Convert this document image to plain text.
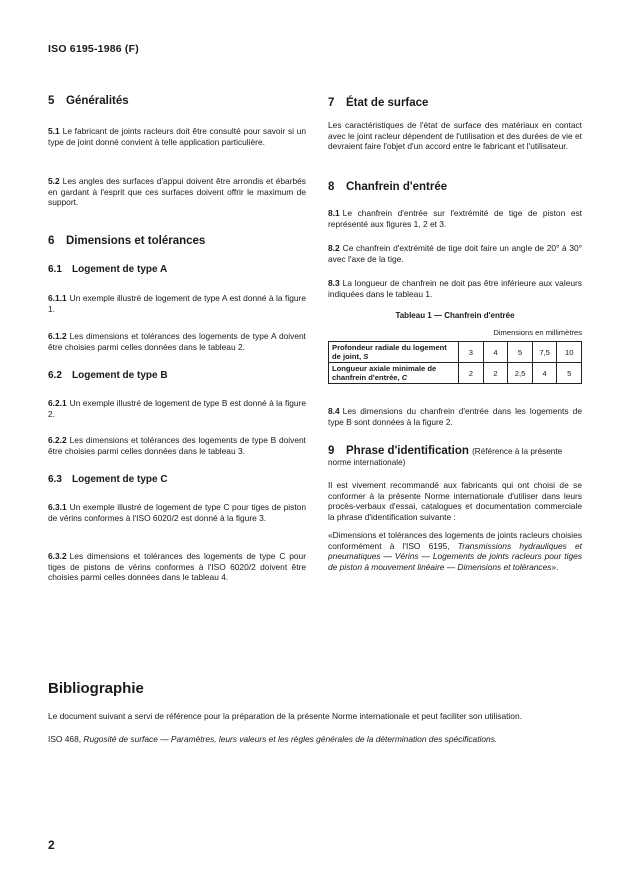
ISO 6195-1986 (F)
5 Généralités

5.1 Le fabricant de joints racleurs doit être consulté pour savoir si un type de joint donné convient à telle application particulière.

5.2 Les angles des surfaces d'appui doivent être arrondis et ébarbés en gardant à l'esprit que ces surfaces doivent offrir le maximum de support.

6 Dimensions et tolérances
6.1 Logement de type A

6.1.1 Un exemple illustré de logement de type A est donné à la figure 1.

6.1.2 Les dimensions et tolérances des logements de type A doivent être choisies parmi celles données dans le tableau 2.

6.2 Logement de type B

6.2.1 Un exemple illustré de logement de type B est donné à la figure 2.

6.2.2 Les dimensions et tolérances des logements de type B doivent être choisies parmi celles données dans le tableau 3.

6.3 Logement de type C

6.3.1 Un exemple illustré de logement de type C pour tiges de piston de vérins conformes à l'ISO 6020/2 est donné à la figure 3.

6.3.2 Les dimensions et tolérances des logements de type C pour tiges de pistons de vérins conformes à l'ISO 6020/2 doivent être choisies parmi celles données dans le tableau 4.

7 État de surface

Les caractéristiques de l'état de surface des matériaux en contact avec le joint racleur dépendent de l'utilisation et des durées de vie et devraient faire l'objet d'un accord entre le fabricant et l'utilisateur.

8 Chanfrein d'entrée

8.1 Le chanfrein d'entrée sur l'extrémité de tige de piston est représenté aux figures 1, 2 et 3.

8.2 Ce chanfrein d'extrémité de tige doit faire un angle de 20° à 30° avec l'axe de la tige.

8.3 La longueur de chanfrein ne doit pas être inférieure aux valeurs indiquées dans le tableau 1.

Tableau 1 — Chanfrein d'entrée
Dimensions en millimètres
Profondeur radiale du logement de joint, S	3	4	5	7,5	10
Longueur axiale minimale de chanfrein d'entrée, C	2	2	2,5	4	5

8.4 Les dimensions du chanfrein d'entrée dans les logements de type B sont données à la figure 2.

9 Phrase d'identification (Référence à la présente norme internationale)

Il est vivement recommandé aux fabricants qui ont choisi de se conformer à la présente Norme internationale d'utiliser dans leurs procès-verbaux d'essai, catalogues et documentation commerciale la phrase d'identification suivante :

«Dimensions et tolérances des logements de joints racleurs choisies conformément à l'ISO 6195, Transmissions hydrauliques et pneumatiques — Vérins — Logements de joints racleurs pour tiges de piston à mouvement linéaire — Dimensions et tolérances».

Bibliographie

Le document suivant a servi de référence pour la préparation de la présente Norme internationale et peut faciliter son utilisation.

ISO 468, Rugosité de surface — Paramètres, leurs valeurs et les règles générales de la détermination des spécifications.

2
